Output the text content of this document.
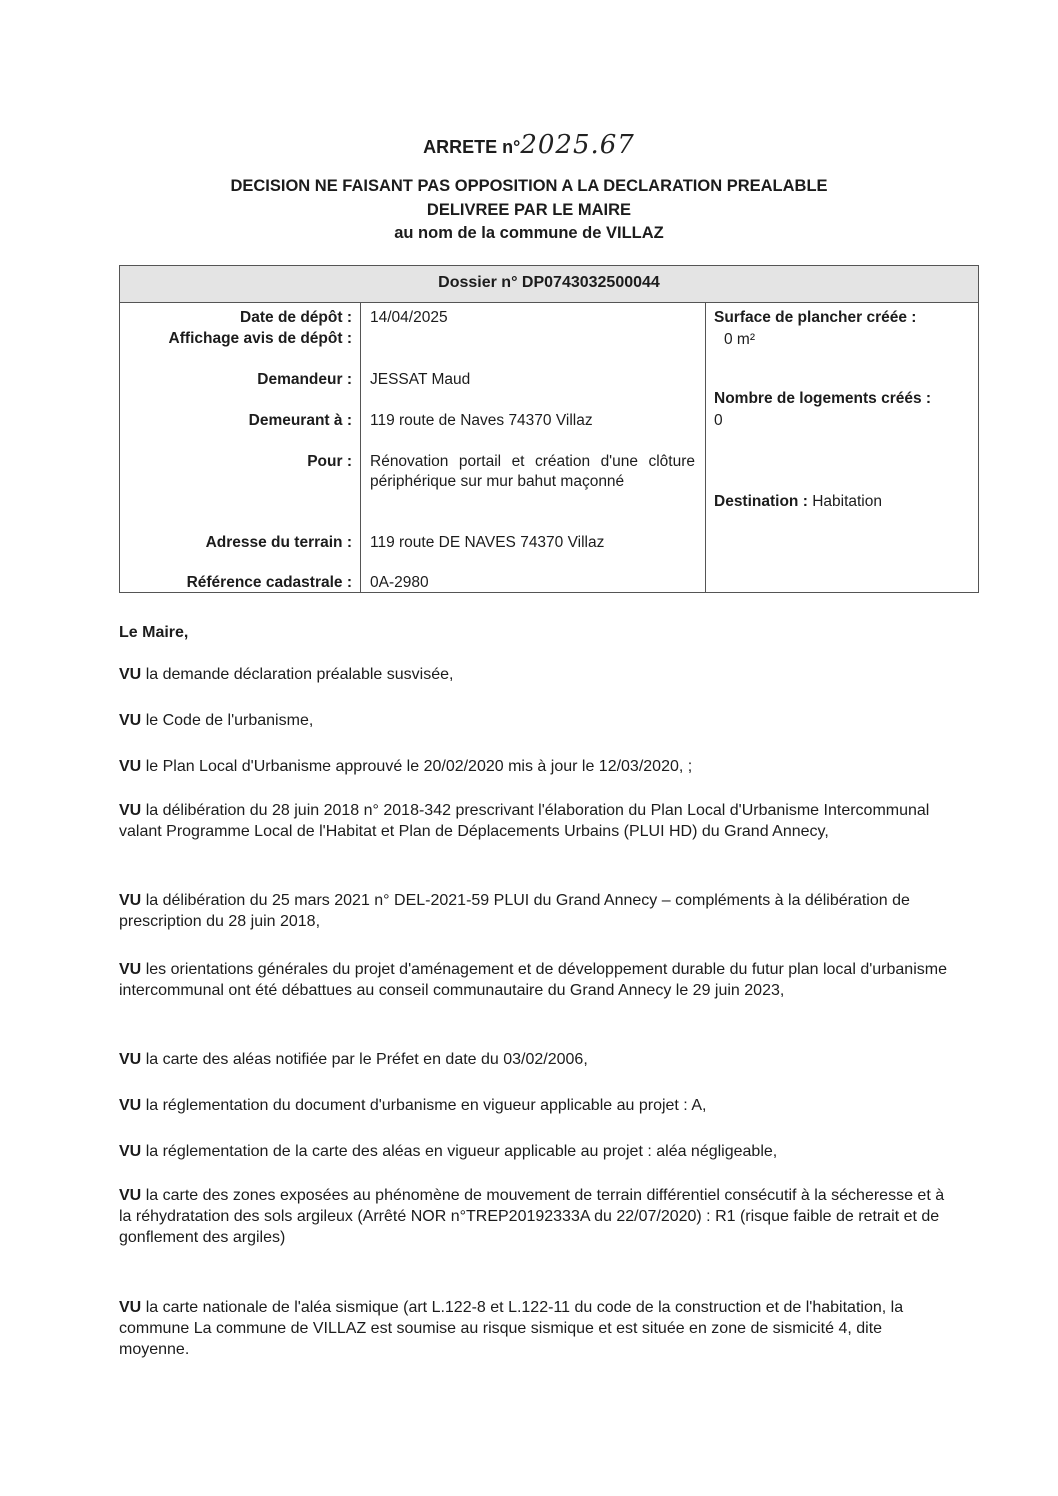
ARRETE n°2025.67
DECISION NE FAISANT PAS OPPOSITION A LA DECLARATION PREALABLE
DELIVREE PAR LE MAIRE
au nom de la commune de VILLAZ
Dossier n° DP0743032500044
Date de dépôt : 14/04/2025
Affichage avis de dépôt :
Demandeur : JESSAT Maud
Demeurant à : 119 route de Naves 74370 Villaz
Pour : Rénovation portail et création d'une clôture périphérique sur mur bahut maçonné
Adresse du terrain : 119 route DE NAVES 74370 Villaz
Référence cadastrale : 0A-2980
Surface de plancher créée :
0 m²
Nombre de logements créés :
0
Destination : Habitation
Le Maire,
VU la demande déclaration préalable susvisée,
VU le Code de l'urbanisme,
VU le Plan Local d'Urbanisme approuvé le 20/02/2020 mis à jour le 12/03/2020, ;
VU la délibération du 28 juin 2018 n° 2018-342 prescrivant l'élaboration du Plan Local d'Urbanisme Intercommunal valant Programme Local de l'Habitat et Plan de Déplacements Urbains (PLUI HD) du Grand Annecy,
VU la délibération du 25 mars 2021 n° DEL-2021-59 PLUI du Grand Annecy – compléments à la délibération de prescription du 28 juin 2018,
VU les orientations générales du projet d'aménagement et de développement durable du futur plan local d'urbanisme intercommunal ont été débattues au conseil communautaire du Grand Annecy le 29 juin 2023,
VU la carte des aléas notifiée par le Préfet en date du 03/02/2006,
VU la réglementation du document d'urbanisme en vigueur applicable au projet : A,
VU la réglementation de la carte des aléas en vigueur applicable au projet : aléa négligeable,
VU la carte des zones exposées au phénomène de mouvement de terrain différentiel consécutif à la sécheresse et à la réhydratation des sols argileux (Arrêté NOR n°TREP20192333A du 22/07/2020) : R1 (risque faible de retrait et de gonflement des argiles)
VU la carte nationale de l'aléa sismique (art L.122-8 et L.122-11 du code de la construction et de l'habitation, la commune La commune de VILLAZ est soumise au risque sismique et est située en zone de sismicité 4, dite moyenne.
